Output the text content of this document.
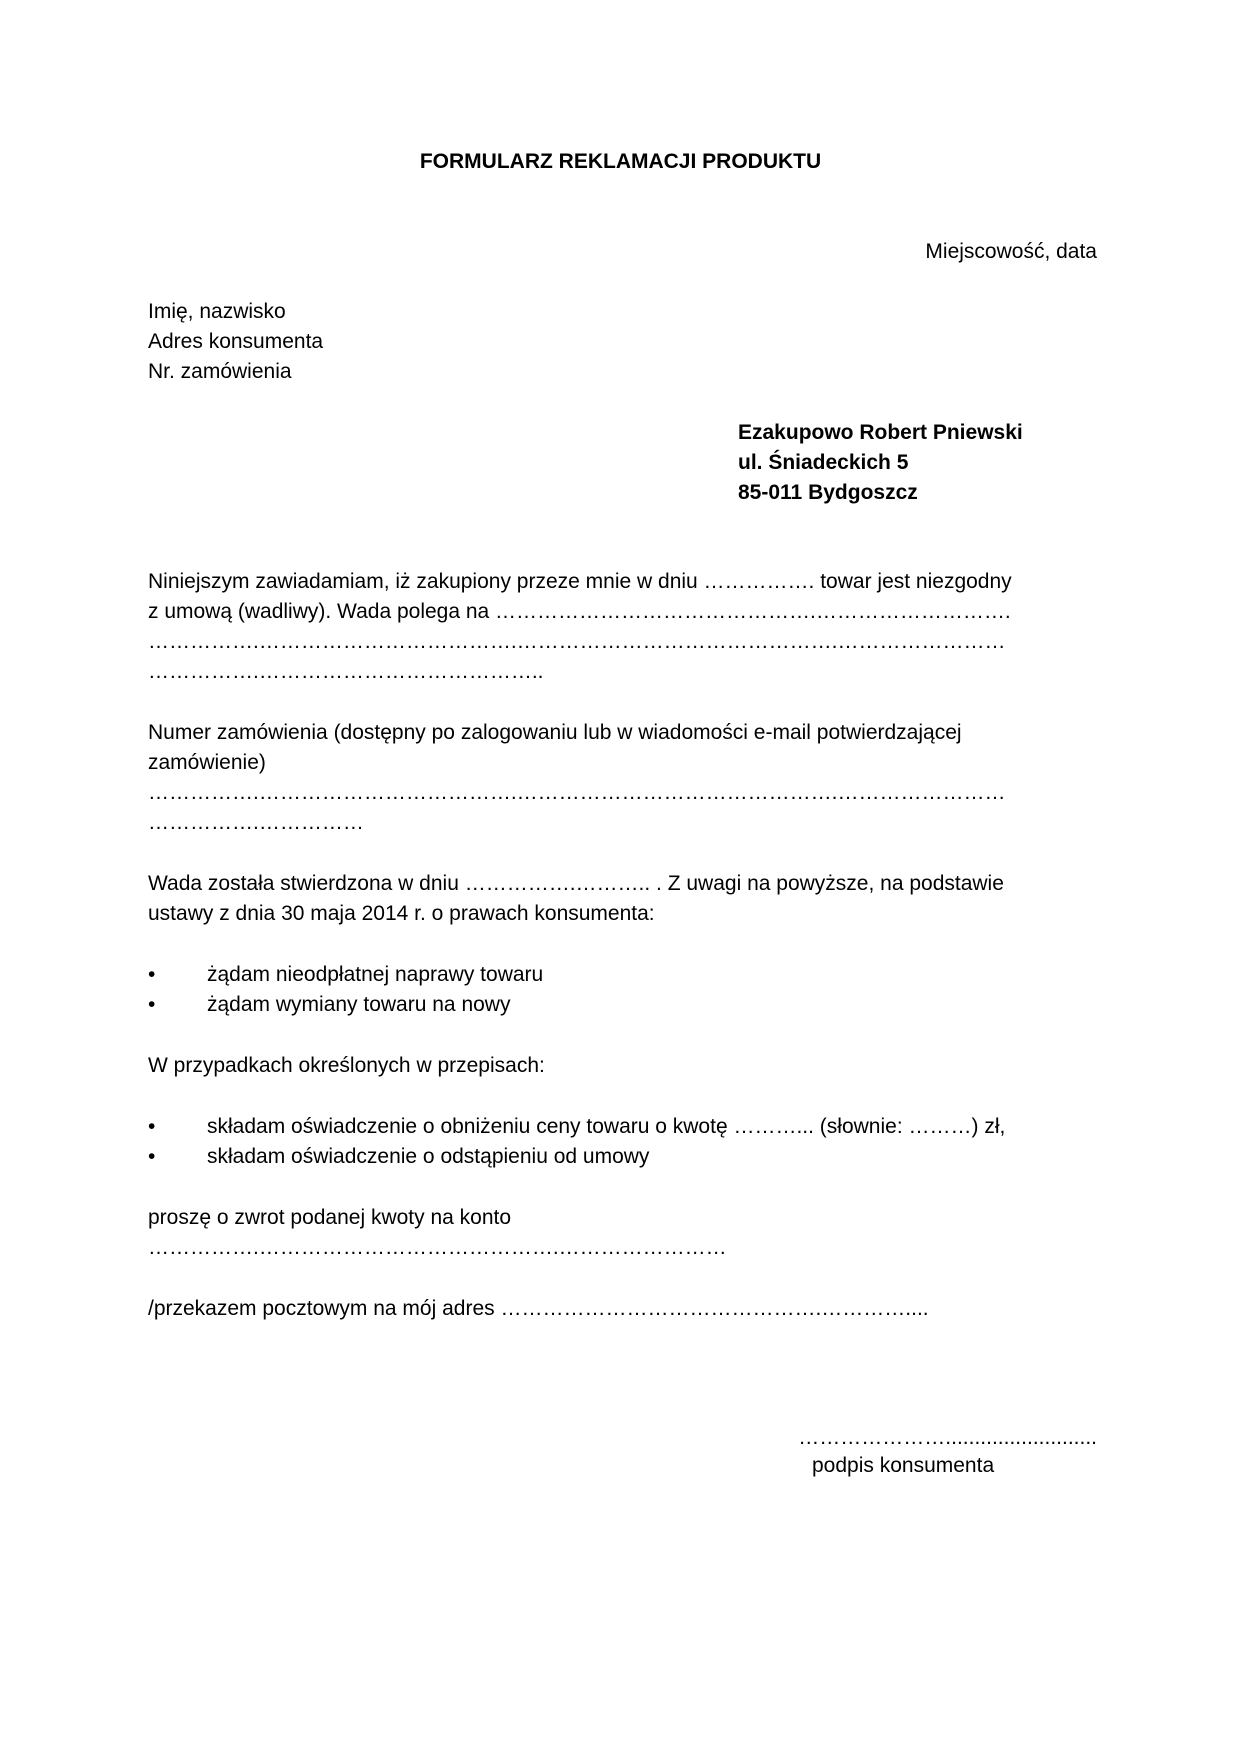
FORMULARZ REKLAMACJI PRODUKTU
Miejscowość, data
Imię, nazwisko
Adres konsumenta
Nr. zamówienia
Ezakupowo Robert Pniewski
ul. Śniadeckich 5
85-011 Bydgoszcz
Niniejszym zawiadamiam, iż zakupiony przeze mnie w dniu ……………. towar jest niezgodny
z umową (wadliwy). Wada polega na ……………………………………….……………………….
…………….……………………………….……………………………………….……………………
…………….…………………………………..
Numer zamówienia (dostępny po zalogowaniu lub w wiadomości e-mail potwierdzającej
zamówienie)
…………….……………………………….……………………………………….……………………
…………….……………
Wada została stwierdzona w dniu …………….……….. . Z uwagi na powyższe, na podstawie
ustawy z dnia 30 maja 2014 r. o prawach konsumenta:
• żądam nieodpłatnej naprawy towaru
• żądam wymiany towaru na nowy
W przypadkach określonych w przepisach:
• składam oświadczenie o obniżeniu ceny towaru o kwotę ………... (słownie: ………) zł,
• składam oświadczenie o odstąpieniu od umowy
proszę o zwrot podanej kwoty na konto
…………….…………………………………….……………………
/przekazem pocztowym na mój adres ……………………………………….…………....
…………………..........................
podpis konsumenta
